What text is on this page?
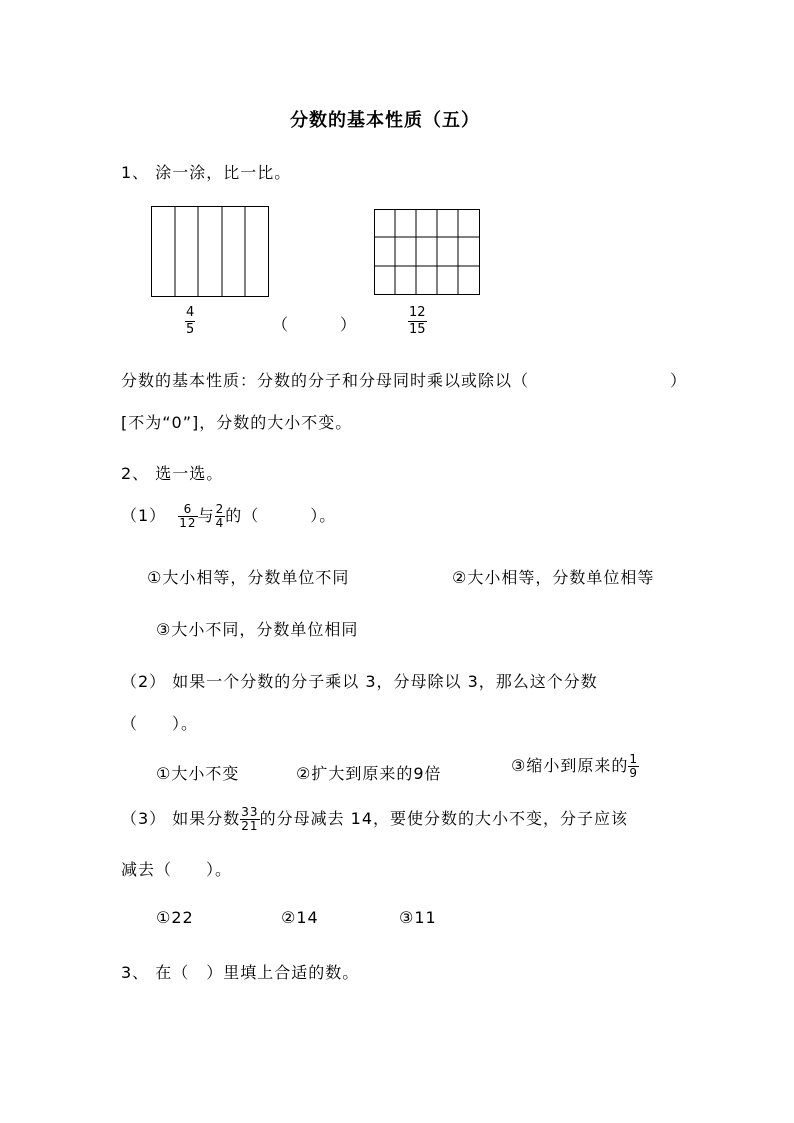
分数的基本性质（五）
1、 涂一涂，比一比。
$\frac{4}{5}$	（　　　）	$\frac{12}{15}$
分数的基本性质：分数的分子和分母同时乘以或除以（	）
[不为“0”]，分数的大小不变。
2、 选一选。
$(1) \frac{6}{12}$ 与 $\frac{2}{4}$ 的（　　　）。
①大小相等，分数单位不同	②大小相等，分数单位相等
③大小不同，分数单位相同
（2） 如果一个分数的分子乘以 3，分母除以 3，那么这个分数
（　　）。
①大小不变	②扩大到原来的9倍	③缩小到原来的 $\frac{1}{9}$
（3） 如果分数 $\frac{33}{21}$ 的分母减去 14，要使分数的大小不变，分子应该
减去（　　）。
①22	②14	③11
3、 在（　）里填上合适的数。
